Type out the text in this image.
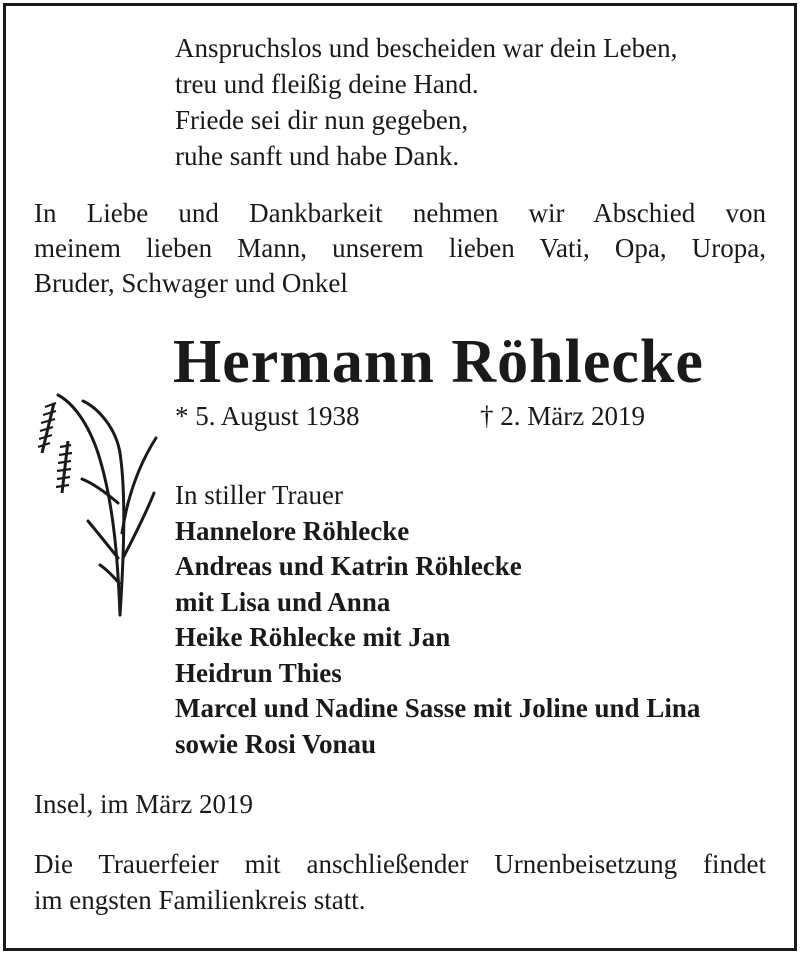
Anspruchslos und bescheiden war dein Leben,
treu und fleißig deine Hand.
Friede sei dir nun gegeben,
ruhe sanft und habe Dank.
In Liebe und Dankbarkeit nehmen wir Abschied von
meinem lieben Mann, unserem lieben Vati, Opa, Uropa,
Bruder, Schwager und Onkel
Hermann Röhlecke
* 5. August 1938	† 2. März 2019
In stiller Trauer
Hannelore Röhlecke
Andreas und Katrin Röhlecke
mit Lisa und Anna
Heike Röhlecke mit Jan
Heidrun Thies
Marcel und Nadine Sasse mit Joline und Lina
sowie Rosi Vonau
Insel, im März 2019
Die Trauerfeier mit anschließender Urnenbeisetzung findet
im engsten Familienkreis statt.
